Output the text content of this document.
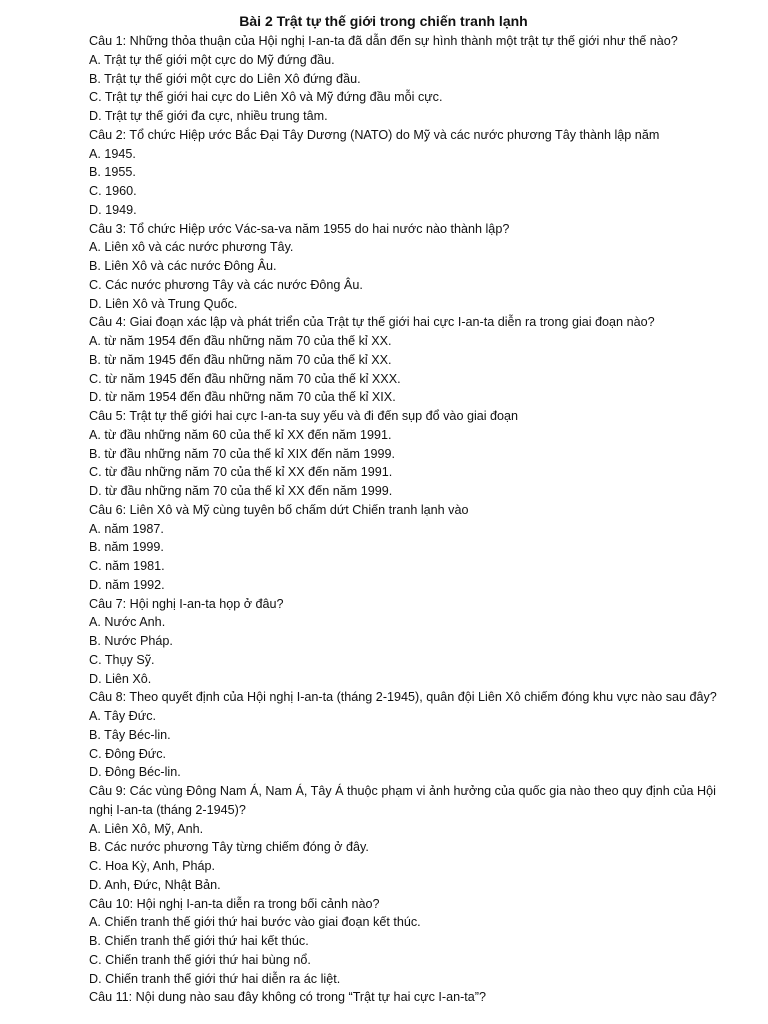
Bài 2 Trật tự thế giới trong chiến tranh lạnh
Câu 1: Những thỏa thuận của Hội nghị I-an-ta đã dẫn đến sự hình thành một trật tự thế giới như thế nào?
A. Trật tự thế giới một cực do Mỹ đứng đầu.
B. Trật tự thế giới một cực do Liên Xô đứng đầu.
C. Trật tự thế giới hai cực do Liên Xô và Mỹ đứng đầu mỗi cực.
D. Trật tự thế giới đa cực, nhiều trung tâm.
Câu 2: Tổ chức Hiệp ước Bắc Đại Tây Dương (NATO) do Mỹ và các nước phương Tây thành lập năm
A. 1945.
B. 1955.
C. 1960.
D. 1949.
Câu 3: Tổ chức Hiệp ước Vác-sa-va năm 1955 do hai nước nào thành lập?
A. Liên xô và các nước phương Tây.
B. Liên Xô và các nước Đông Âu.
C. Các nước phương Tây và các nước Đông Âu.
D. Liên Xô và Trung Quốc.
Câu 4: Giai đoạn xác lập và phát triển của Trật tự thế giới hai cực I-an-ta diễn ra trong giai đoạn nào?
A. từ năm 1954 đến đầu những năm 70 của thế kỉ XX.
B. từ năm 1945 đến đầu những năm 70 của thế kỉ XX.
C. từ năm 1945 đến đầu những năm 70 của thế kỉ XXX.
D. từ năm 1954 đến đầu những năm 70 của thế kỉ XIX.
Câu 5: Trật tự thế giới hai cực I-an-ta suy yếu và đi đến sụp đổ vào giai đoạn
A. từ đầu những năm 60 của thế kỉ XX đến năm 1991.
B. từ đầu những năm 70 của thế kỉ XIX đến năm 1999.
C. từ đầu những năm 70 của thế kỉ XX đến năm 1991.
D. từ đầu những năm 70 của thế kỉ XX đến năm 1999.
Câu 6: Liên Xô và Mỹ cùng tuyên bố chấm dứt Chiến tranh lạnh vào
A. năm 1987.
B. năm 1999.
C. năm 1981.
D. năm 1992.
Câu 7: Hội nghị I-an-ta họp ở đâu?
A. Nước Anh.
B. Nước Pháp.
C. Thụy Sỹ.
D. Liên Xô.
Câu 8: Theo quyết định của Hội nghị I-an-ta (tháng 2-1945), quân đội Liên Xô chiếm đóng khu vực nào sau đây?
A. Tây Đức.
B. Tây Béc-lin.
C. Đông Đức.
D. Đông Béc-lin.
Câu 9: Các vùng Đông Nam Á, Nam Á, Tây Á thuộc phạm vi ảnh hưởng của quốc gia nào theo quy định của Hội nghị I-an-ta (tháng 2-1945)?
A. Liên Xô, Mỹ, Anh.
B. Các nước phương Tây từng chiếm đóng ở đây.
C. Hoa Kỳ, Anh, Pháp.
D. Anh, Đức, Nhật Bản.
Câu 10: Hội nghị I-an-ta diễn ra trong bối cảnh nào?
A. Chiến tranh thế giới thứ hai bước vào giai đoạn kết thúc.
B. Chiến tranh thế giới thứ hai kết thúc.
C. Chiến tranh thế giới thứ hai bùng nổ.
D. Chiến tranh thế giới thứ hai diễn ra ác liệt.
Câu 11: Nội dung nào sau đây không có trong “Trật tự hai cực I-an-ta”?
